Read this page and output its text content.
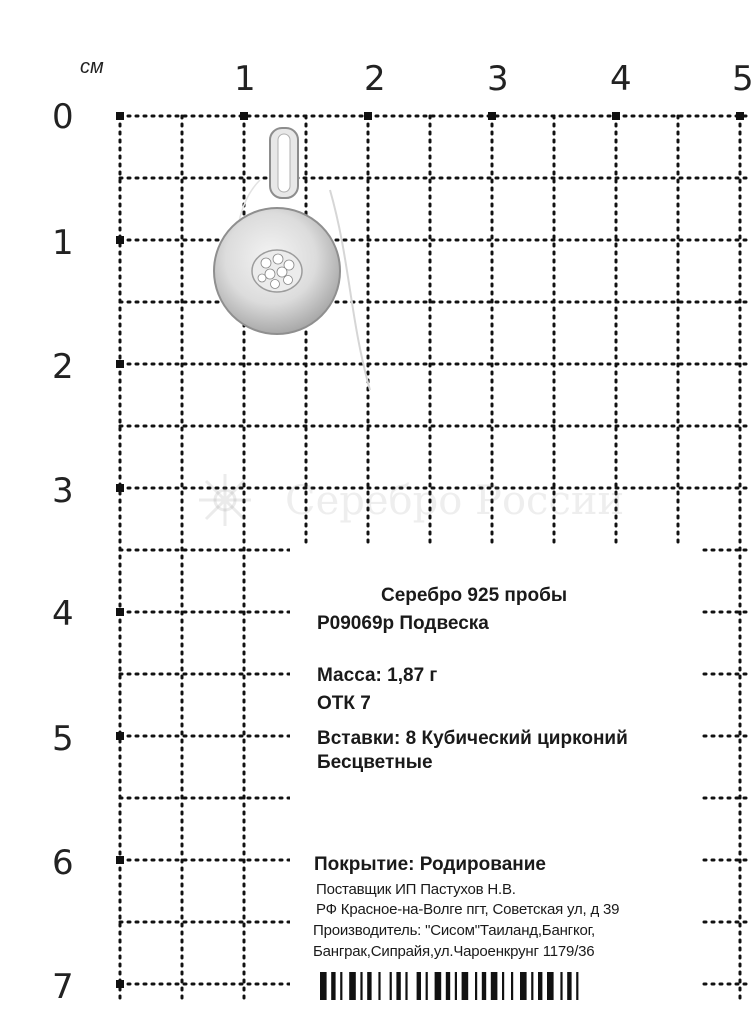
см	1	2	3	4	5
0
1
2
3
4
5
6
7
Серебро России
Серебро 925 пробы
Р09069р Подвеска
Масса: 1,87 г
ОТК 7
Вставки: 8 Кубический цирконий
Бесцветные
Покрытие: Родирование
Поставщик ИП Пастухов Н.В.
РФ Красное-на-Волге пгт, Советская ул, д 39
Производитель: "Сисом"Таиланд,Бангког,
Банграк,Сипрайя,ул.Чароенкрунг 1179/36
